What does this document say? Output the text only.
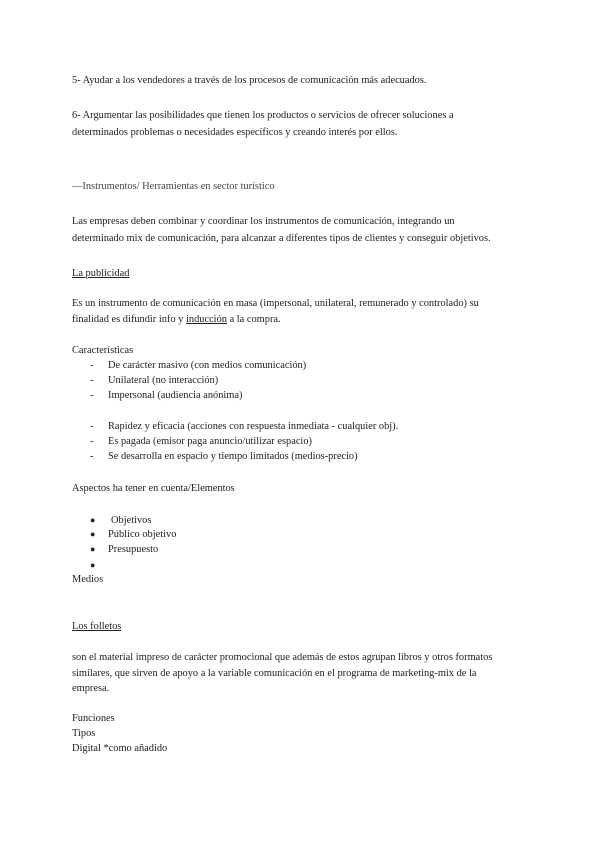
5- Ayudar a los vendedores a través de los procesos de comunicación más adecuados.
6- Argumentar las posibilidades que tienen los productos o servicios de ofrecer soluciones a
determinados problemas o necesidades específicos y creando interés por ellos.
—Instrumentos/ Herramientas en sector turístico
Las empresas deben combinar y coordinar los instrumentos de comunicación, integrando un
determinado mix de comunicación, para alcanzar a diferentes tipos de clientes y conseguir objetivos.
La publicidad
Es un instrumento de comunicación en masa (impersonal, unilateral, remunerado y controlado) su
finalidad es difundir info y inducción a la compra.
Características
- De carácter masivo (con medios comunicación)
- Unilateral (no interacción)
- Impersonal (audiencia anónima)
- Rapidez y eficacia (acciones con respuesta inmediata - cualquier obj).
- Es pagada (emisor paga anuncio/utilizar espacio)
- Se desarrolla en espacio y tiempo limitados (medios-precio)
Aspectos ha tener en cuenta/Elementos
● Objetivos
● Público objetivo
● Presupuesto
●
Medios
Los folletos
son el material impreso de carácter promocional que además de estos agrupan libros y otros formatos
similares, que sirven de apoyo a la variable comunicación en el programa de marketing-mix de la
empresa.
Funciones
Tipos
Digital *como añadido
